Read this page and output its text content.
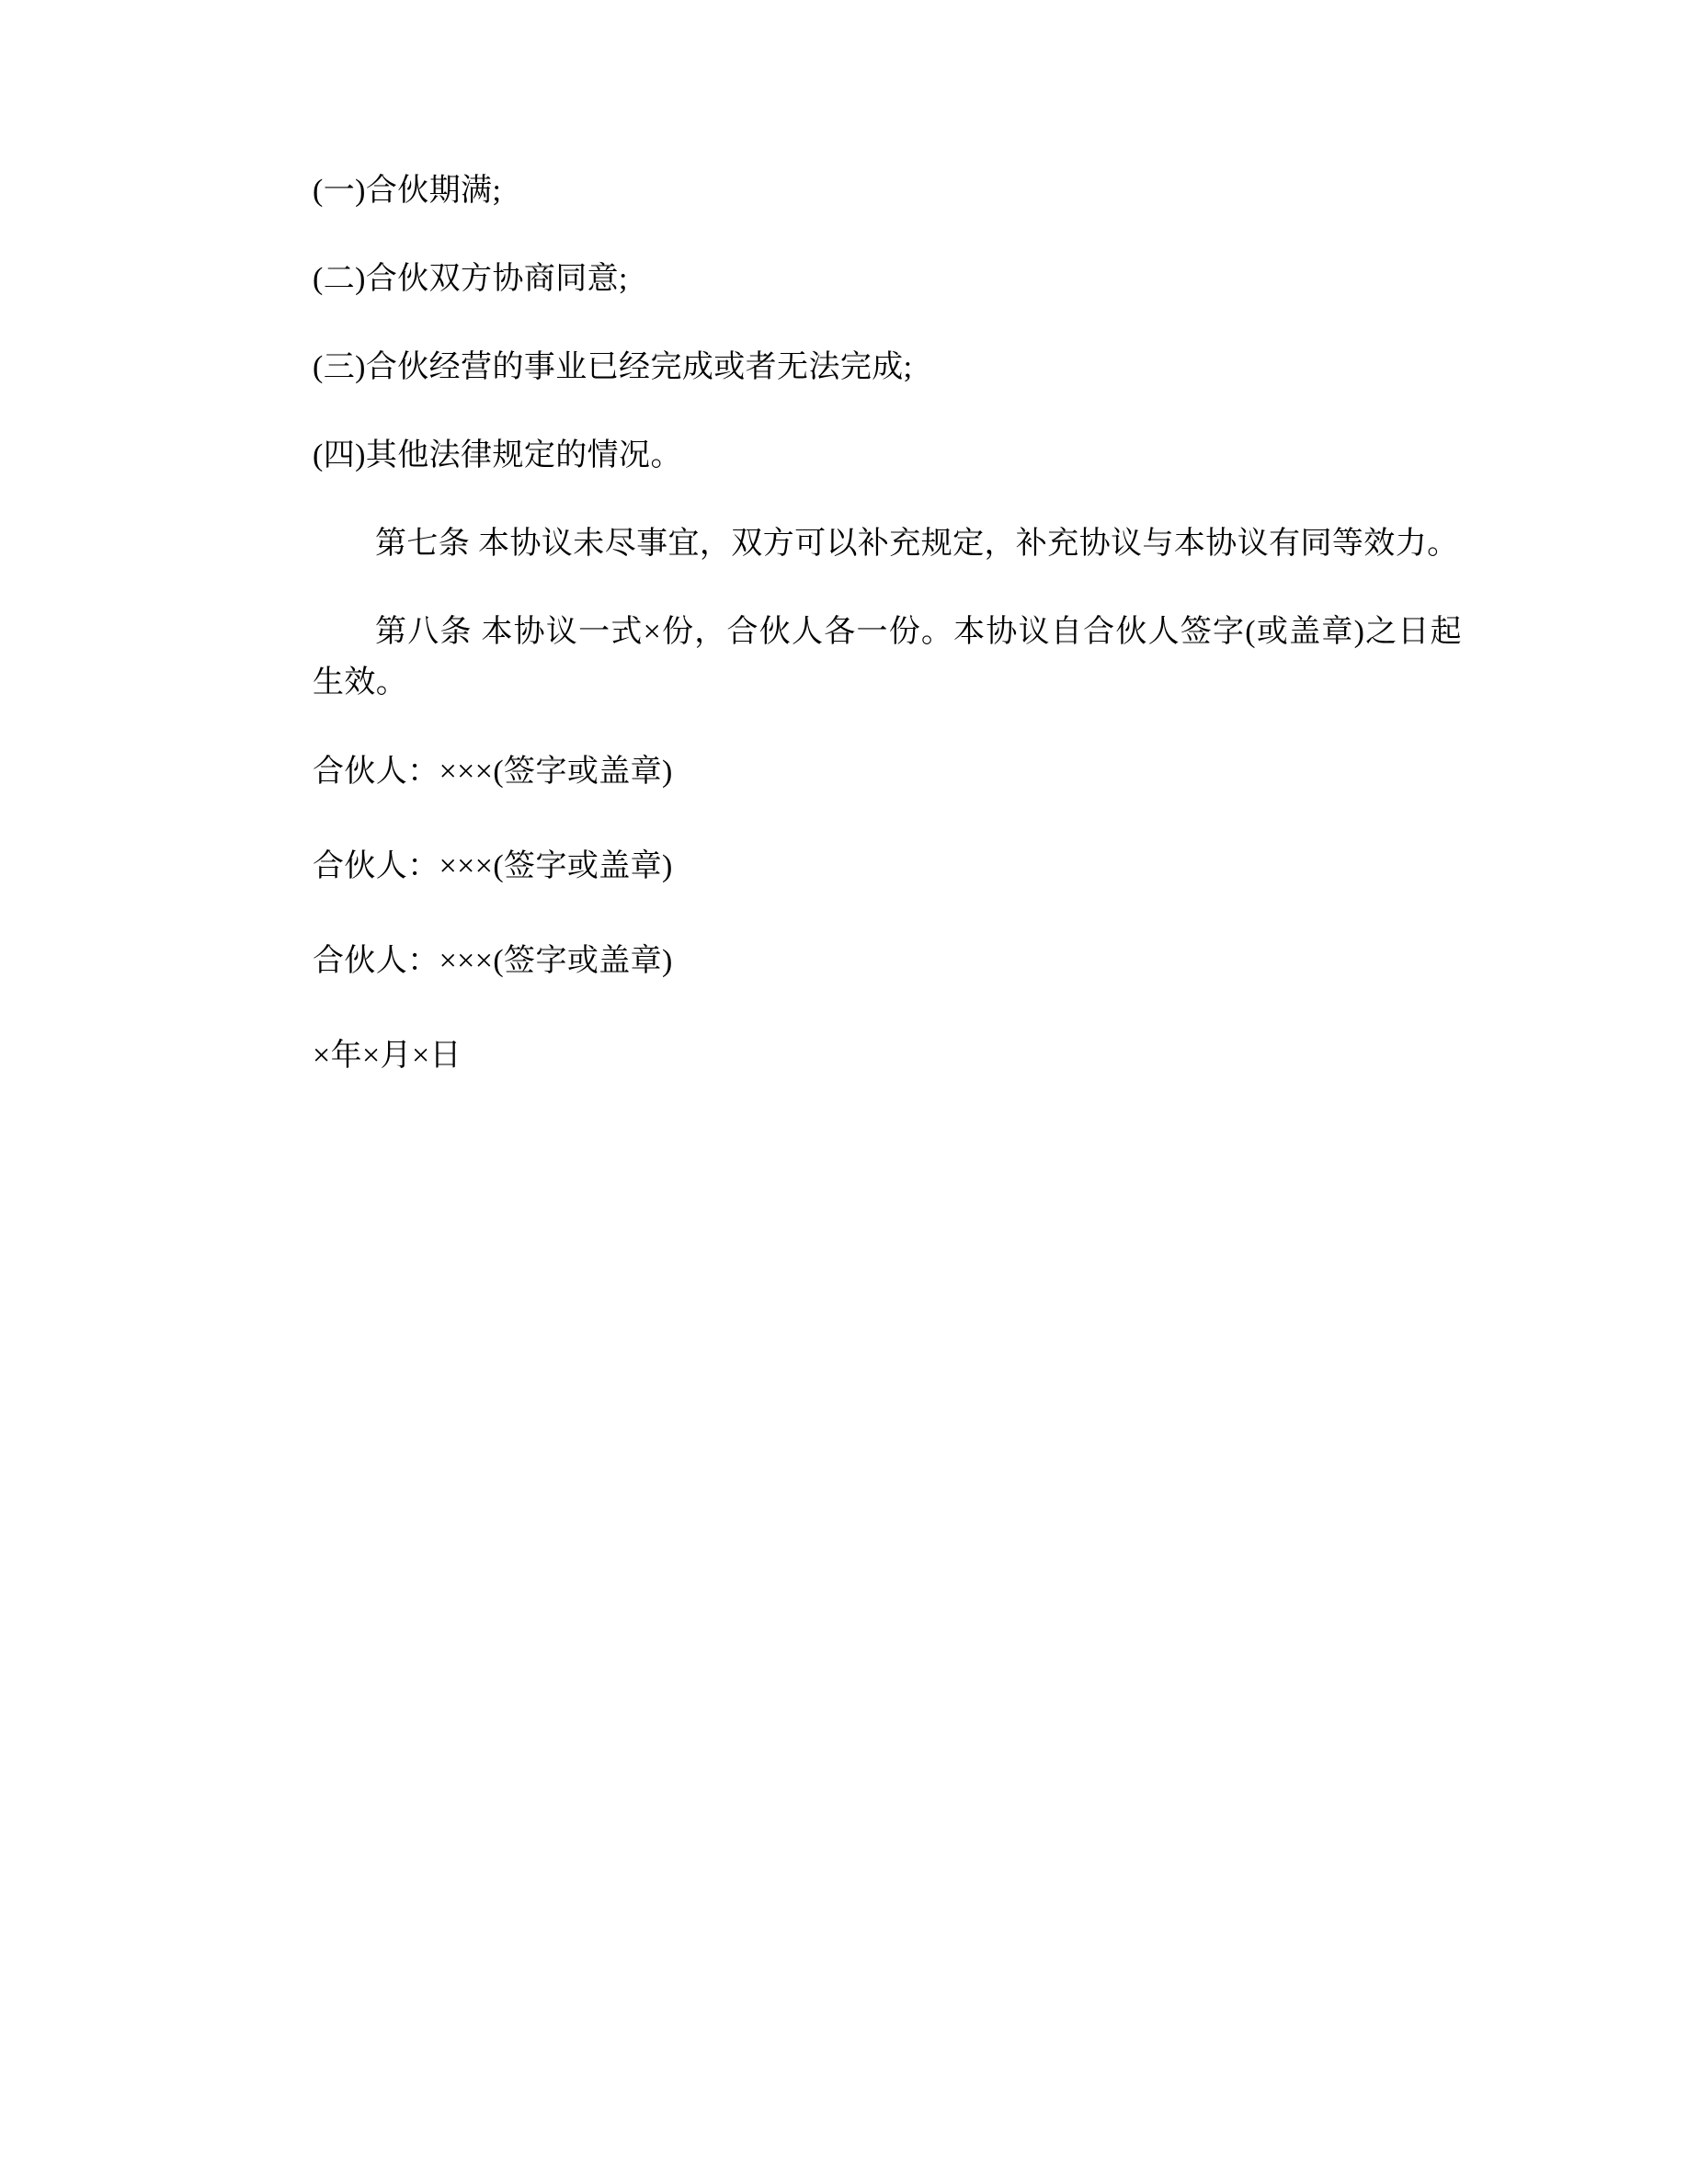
(一)合伙期满;

(二)合伙双方协商同意;

(三)合伙经营的事业已经完成或者无法完成;

(四)其他法律规定的情况。

第七条 本协议未尽事宜，双方可以补充规定，补充协议与本协议有同等效力。

第八条 本协议一式×份，合伙人各一份。本协议自合伙人签字(或盖章)之日起生效。

合伙人：×××(签字或盖章)

合伙人：×××(签字或盖章)

合伙人：×××(签字或盖章)

×年×月×日
